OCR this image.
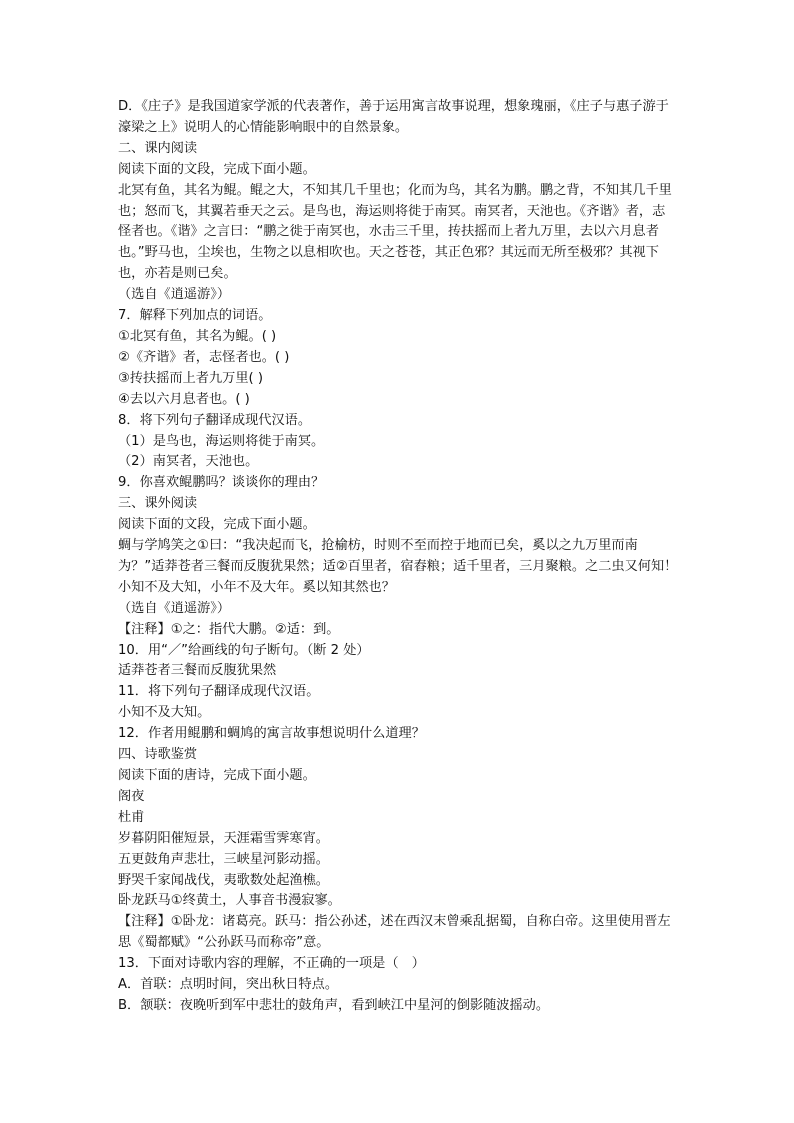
D．《庄子》是我国道家学派的代表著作，善于运用寓言故事说理，想象瑰丽，《庄子与惠子游于濠梁之上》说明人的心情能影响眼中的自然景象。
二、课内阅读
阅读下面的文段，完成下面小题。
北冥有鱼，其名为鲲。鲲之大，不知其几千里也；化而为鸟，其名为鹏。鹏之背，不知其几千里也；怒而飞，其翼若垂天之云。是鸟也，海运则将徙于南冥。南冥者，天池也。《齐谐》者，志怪者也。《谐》之言曰：“鹏之徙于南冥也，水击三千里，抟扶摇而上者九万里，去以六月息者也。”野马也，尘埃也，生物之以息相吹也。天之苍苍，其正色邪？其远而无所至极邪？其视下也，亦若是则已矣。
（选自《逍遥游》）
7．解释下列加点的词语。
①北冥有鱼，其名为鲲。( )
②《齐谐》者，志怪者也。( )
③抟扶摇而上者九万里( )
④去以六月息者也。( )
8．将下列句子翻译成现代汉语。
（1）是鸟也，海运则将徙于南冥。
（2）南冥者，天池也。
9．你喜欢鲲鹏吗？谈谈你的理由？
三、课外阅读
阅读下面的文段，完成下面小题。
蜩与学鸠笑之①曰：“我决起而飞，抢榆枋，时则不至而控于地而已矣，奚以之九万里而南为？”适莽苍者三餐而反腹犹果然；适②百里者，宿舂粮；适千里者，三月聚粮。之二虫又何知！小知不及大知，小年不及大年。奚以知其然也？
（选自《逍遥游》）
【注释】①之：指代大鹏。②适：到。
10．用“／”给画线的句子断句。（断 2 处）
适莽苍者三餐而反腹犹果然
11．将下列句子翻译成现代汉语。
小知不及大知。
12．作者用鲲鹏和蜩鸠的寓言故事想说明什么道理？
四、诗歌鉴赏
阅读下面的唐诗，完成下面小题。
阁夜
杜甫
岁暮阴阳催短景，天涯霜雪霁寒宵。
五更鼓角声悲壮，三峡星河影动摇。
野哭千家闻战伐，夷歌数处起渔樵。
卧龙跃马①终黄土，人事音书漫寂寥。
【注释】①卧龙：诸葛亮。跃马：指公孙述，述在西汉末曾乘乱据蜀，自称白帝。这里使用晋左思《蜀都赋》“公孙跃马而称帝”意。
13．下面对诗歌内容的理解，不正确的一项是（　）
A．首联：点明时间，突出秋日特点。
B．颔联：夜晚听到军中悲壮的鼓角声，看到峡江中星河的倒影随波摇动。
